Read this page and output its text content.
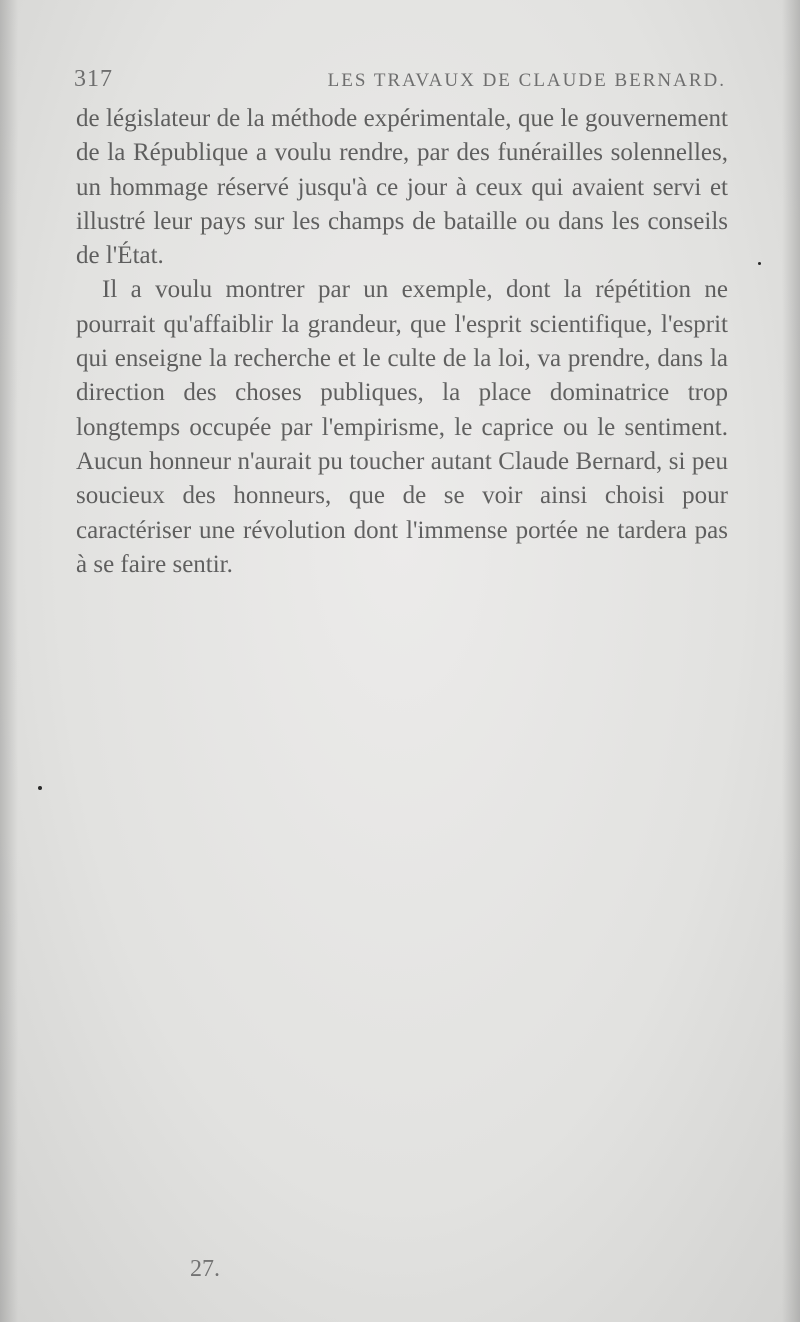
317	LES TRAVAUX DE CLAUDE BERNARD.

de législateur de la méthode expérimentale, que le gouvernement de la République a voulu rendre, par des funérailles solennelles, un hommage réservé jusqu'à ce jour à ceux qui avaient servi et illustré leur pays sur les champs de bataille ou dans les conseils de l'État.

Il a voulu montrer par un exemple, dont la répétition ne pourrait qu'affaiblir la grandeur, que l'esprit scientifique, l'esprit qui enseigne la recherche et le culte de la loi, va prendre, dans la direction des choses publiques, la place dominatrice trop longtemps occupée par l'empirisme, le caprice ou le sentiment. Aucun honneur n'aurait pu toucher autant Claude Bernard, si peu soucieux des honneurs, que de se voir ainsi choisi pour caractériser une révolution dont l'immense portée ne tardera pas à se faire sentir.

27.
